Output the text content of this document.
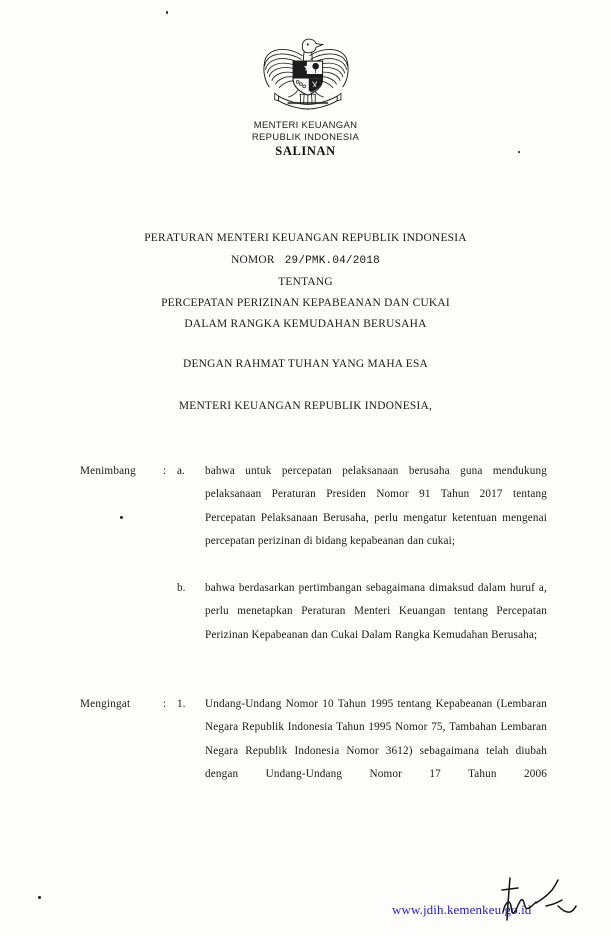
MENTERI KEUANGAN

REPUBLIK INDONESIA

SALINAN

PERATURAN MENTERI KEUANGAN REPUBLIK INDONESIA
NOMOR 29/PMK.04/2018
TENTANG
PERCEPATAN PERIZINAN KEPABEANAN DAN CUKAI
DALAM RANGKA KEMUDAHAN BERUSAHA
DENGAN RAHMAT TUHAN YANG MAHA ESA
MENTERI KEUANGAN REPUBLIK INDONESIA,
Menimbang : a. bahwa untuk percepatan pelaksanaan berusaha guna mendukung pelaksanaan Peraturan Presiden Nomor 91 Tahun 2017 tentang Percepatan Pelaksanaan Berusaha, perlu mengatur ketentuan mengenai percepatan perizinan di bidang kepabeanan dan cukai;
b. bahwa berdasarkan pertimbangan sebagaimana dimaksud dalam huruf a, perlu menetapkan Peraturan Menteri Keuangan tentang Percepatan Perizinan Kepabeanan dan Cukai Dalam Rangka Kemudahan Berusaha;
Mengingat	: 1. Undang-Undang Nomor 10 Tahun 1995 tentang Kepabeanan (Lembaran Negara Republik Indonesia Tahun 1995 Nomor 75, Tambahan Lembaran Negara Republik Indonesia Nomor 3612) sebagaimana telah diubah dengan Undang-Undang Nomor 17 Tahun 2006
www.jdih.kemenkeu.go.id
